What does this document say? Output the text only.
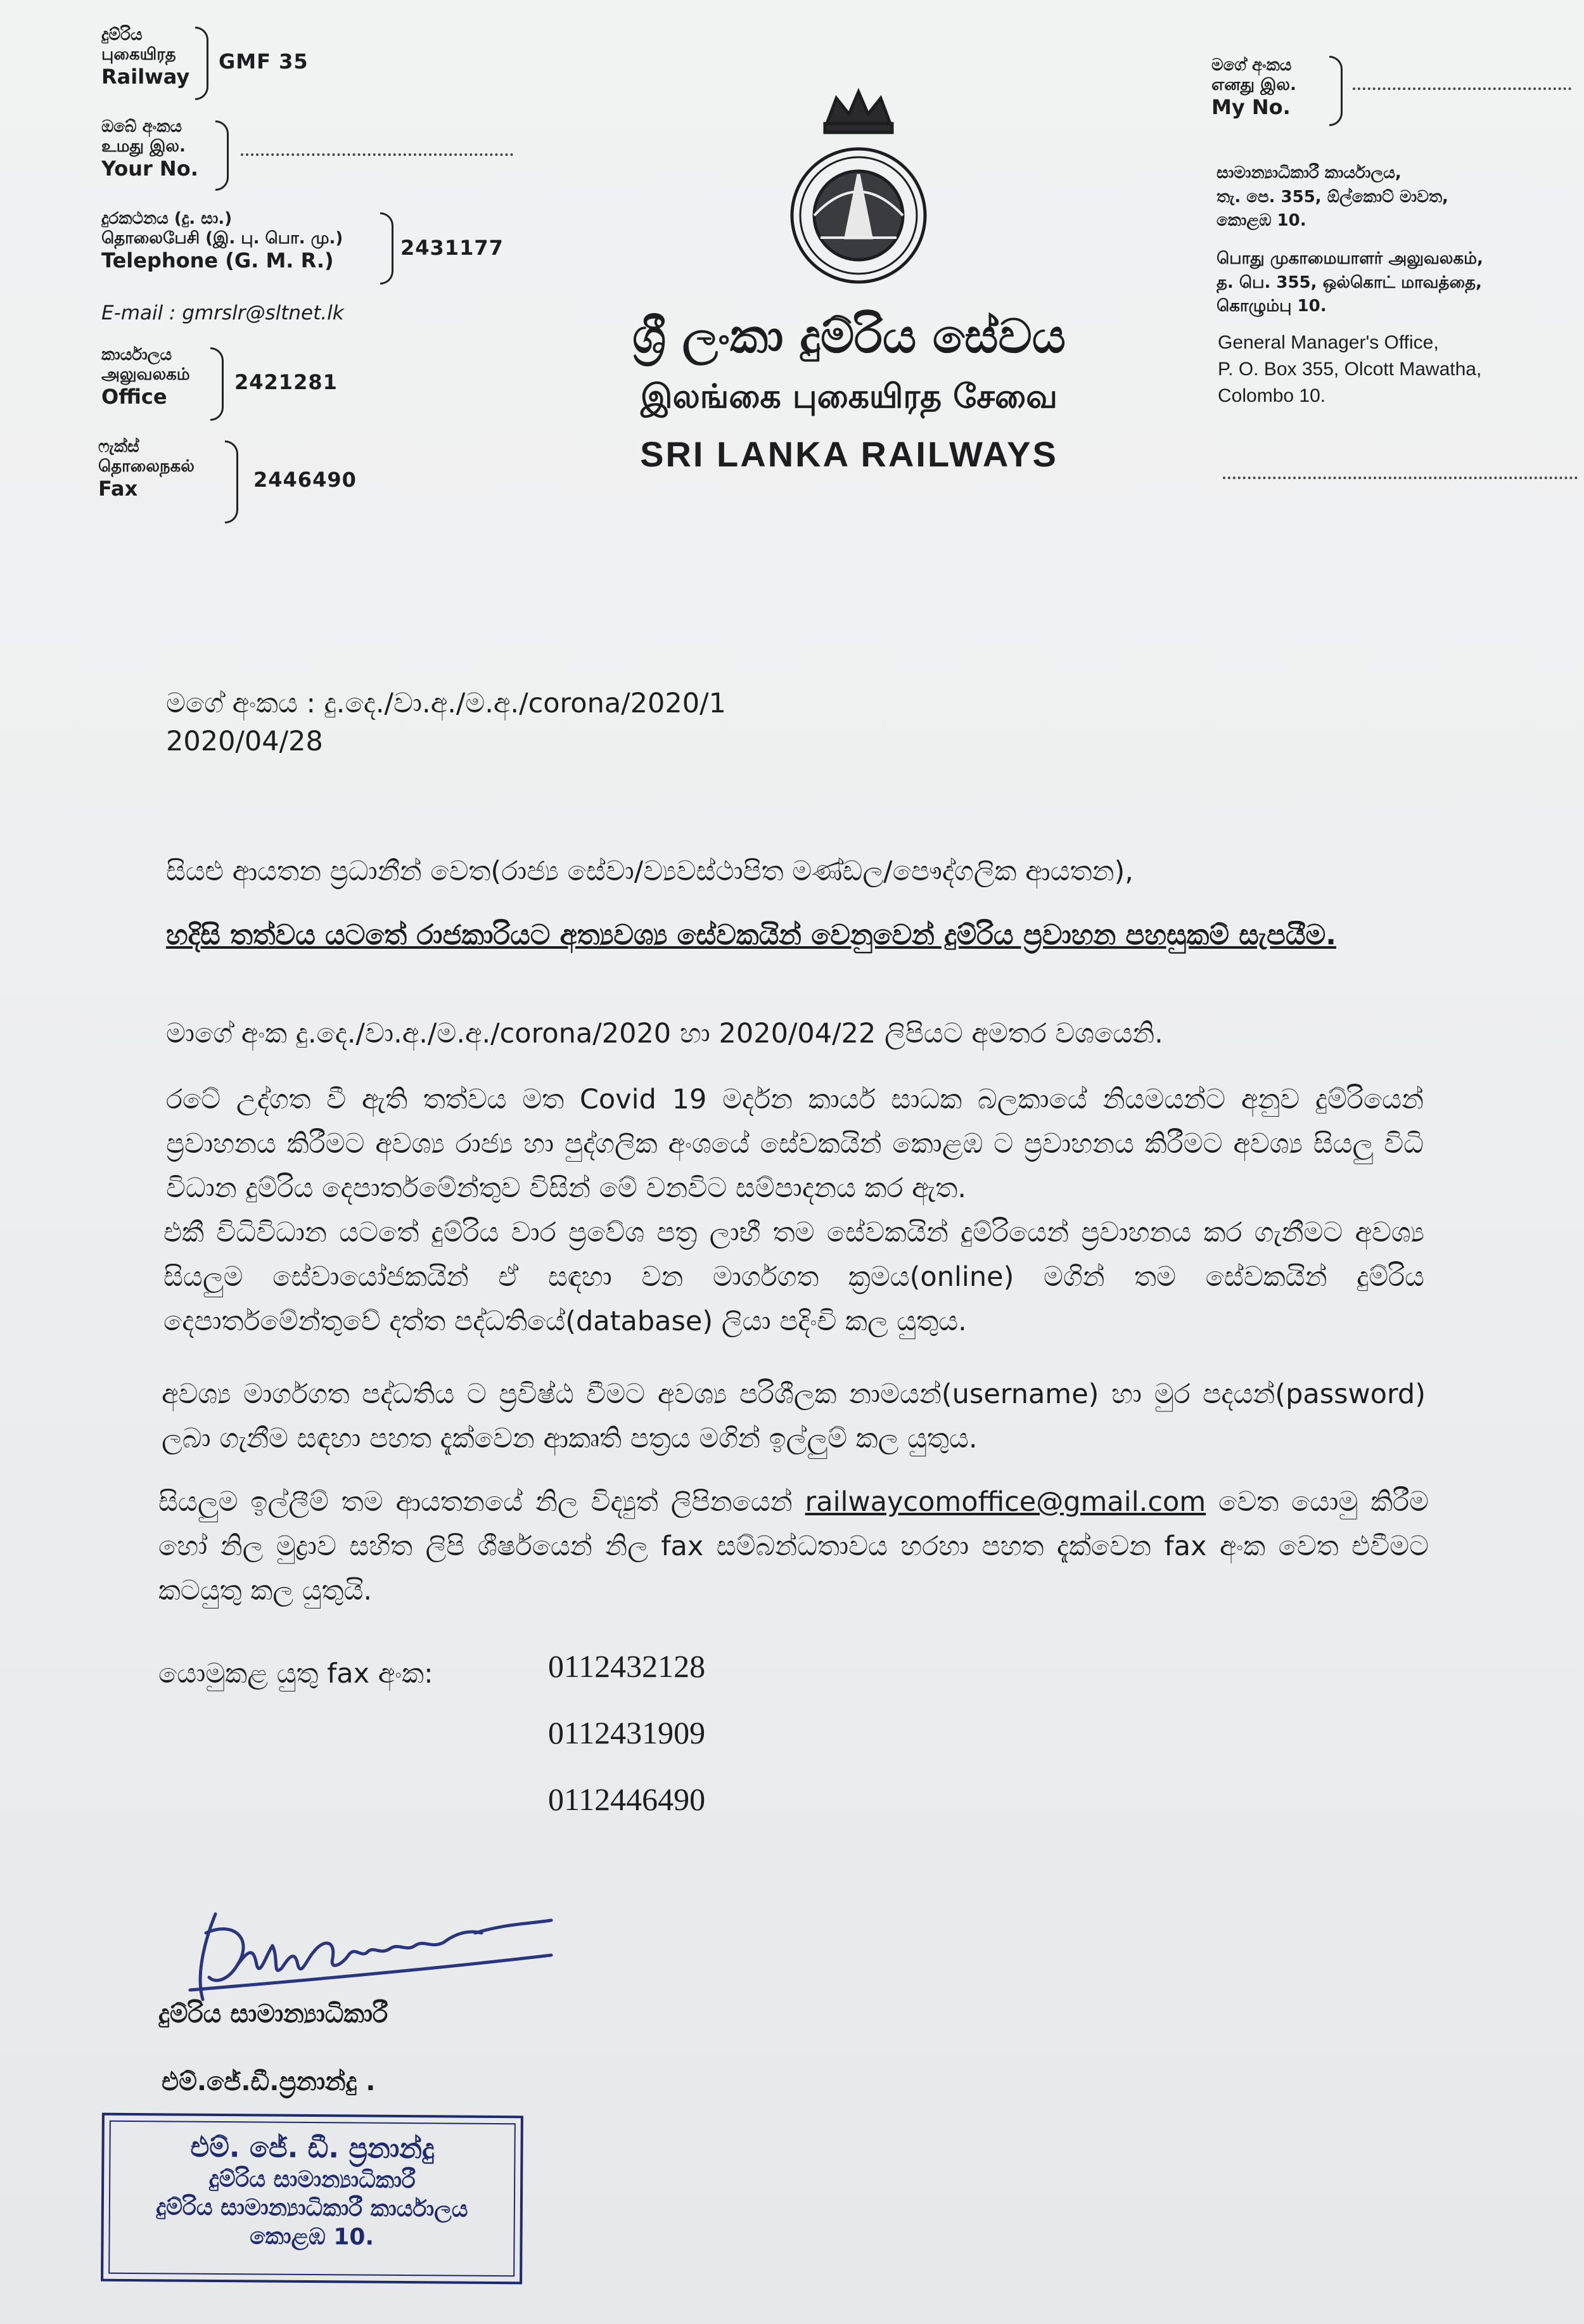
දුම්රිය
புகையிரத
Railway
GMF 35
ඔබේ අංකය
உமது இல.
Your No.
දුරකථනය (දු. සා.)
தொலைபேசி (இ. பு. பொ. மு.)
Telephone (G. M. R.)
2431177
E-mail : gmrslr@sltnet.lk
කාර්යාලය
அலுவலகம்
Office
2421281
ෆැක්ස්
தொலைநகல்
Fax	2446490
ශ්‍රී ලංකා දුම්රිය සේවය
இலங்கை புகையிரத சேவை
SRI LANKA RAILWAYS
මගේ අංකය
எனது இல.
My No.
සාමාන්‍යාධිකාරී කාර්යාලය,
තැ. පෙ. 355, ඕල්කොට් මාවත,
කොළඹ 10.
பொது முகாமையாளர் அலுவலகம்,
த. பெ. 355, ஒல்கொட் மாவத்தை,
கொழும்பு 10.
General Manager's Office,
P. O. Box 355, Olcott Mawatha,
Colombo 10.
මගේ අංකය : දු.දෙ./වා.අ./ම.අ./corona/2020/1
2020/04/28
සියළු ආයතන ප්‍රධානීන් වෙත(රාජ්‍ය සේවා/ව්‍යවස්ථාපිත මණ්ඩල/පෞද්ගලික ආයතන),
හදිසි තත්වය යටතේ රාජකාරියට අත්‍යවශ්‍ය සේවකයින් වෙනුවෙන් දුම්රිය ප්‍රවාහන පහසුකම් සැපයීම.
මාගේ අංක දු.දෙ./වා.අ./ම.අ./corona/2020 හා 2020/04/22 ලිපියට අමතර වශයෙනි.
රටේ උද්ගත වී ඇති තත්වය මත Covid 19 මර්දන කාර්ය සාධක බලකායේ නියමයන්ට අනුව දුම්රියෙන් ප්‍රවාහනය කිරීමට අවශ්‍ය රාජ්‍ය හා පුද්ගලික අංශයේ සේවකයින් කොළඹ ට ප්‍රවාහනය කිරීමට අවශ්‍ය සියලු විධි විධාන දුම්රිය දෙපාර්තමේන්තුව විසින් මේ වනවිට සම්පාදනය කර ඇත.
එකී විධිවිධාන යටතේ දුම්රිය වාර ප්‍රවේශ පත්‍ර ලාභී තම සේවකයින් දුම්රියෙන් ප්‍රවාහනය කර ගැනීමට අවශ්‍ය සියලුම සේවායෝජකයින් ඒ සඳහා වන මාර්ගගත ක්‍රමය(online) මගින් තම සේවකයින් දුම්රිය දෙපාර්තමේන්තුවේ දත්ත පද්ධතියේ(database) ලියා පදිංචි කල යුතුය.
අවශ්‍ය මාර්ගගත පද්ධතිය ට ප්‍රවිෂ්ඨ වීමට අවශ්‍ය පරිශීලක නාමයන්(username) හා මුර පදයන්(password) ලබා ගැනීම සඳහා පහත දැක්වෙන ආකෘති පත්‍රය මගින් ඉල්ලුම් කල යුතුය.
සියලුම ඉල්ලීම් තම ආයතනයේ නිල විද්‍යුත් ලිපිනයෙන් railwaycomoffice@gmail.com වෙත යොමු කිරීම හෝ නිල මුද්‍රාව සහිත ලිපි ශීර්ෂයෙන් නිල fax සම්බන්ධතාවය හරහා පහත දැක්වෙන fax අංක වෙත එවීමට කටයුතු කල යුතුයි.
යොමුකළ යුතු fax අංක:	0112432128
0112431909
0112446490
දුම්රිය සාමාන්‍යාධිකාරී
එම්.ජේ.ඩී.ප්‍රනාන්දු .
එම්. ජේ. ඩී. ප්‍රනාන්දු
දුම්රිය සාමාන්‍යාධිකාරී
දුම්රිය සාමාන්‍යාධිකාරී කාර්යාලය
කොළඹ 10.
